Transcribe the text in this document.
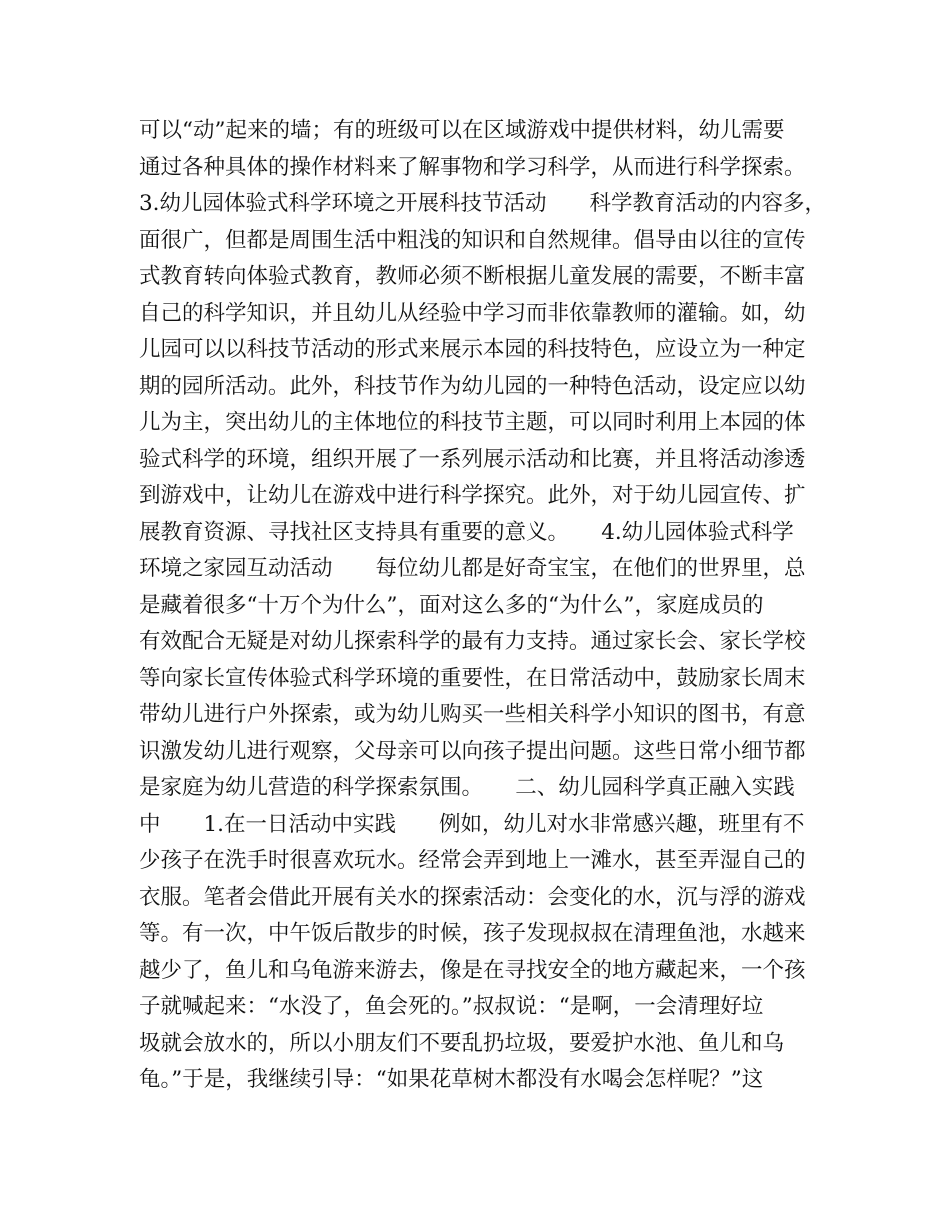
可以“动”起来的墙；有的班级可以在区域游戏中提供材料，幼儿需要
通过各种具体的操作材料来了解事物和学习科学，从而进行科学探索。
3.幼儿园体验式科学环境之开展科技节活动　　科学教育活动的内容多，
面很广，但都是周围生活中粗浅的知识和自然规律。倡导由以往的宣传
式教育转向体验式教育，教师必须不断根据儿童发展的需要，不断丰富
自己的科学知识，并且幼儿从经验中学习而非依靠教师的灌输。如，幼
儿园可以以科技节活动的形式来展示本园的科技特色，应设立为一种定
期的园所活动。此外，科技节作为幼儿园的一种特色活动，设定应以幼
儿为主，突出幼儿的主体地位的科技节主题，可以同时利用上本园的体
验式科学的环境，组织开展了一系列展示活动和比赛，并且将活动渗透
到游戏中，让幼儿在游戏中进行科学探究。此外，对于幼儿园宣传、扩
展教育资源、寻找社区支持具有重要的意义。　　4.幼儿园体验式科学
环境之家园互动活动　　每位幼儿都是好奇宝宝，在他们的世界里，总
是藏着很多“十万个为什么”，面对这么多的“为什么”，家庭成员的
有效配合无疑是对幼儿探索科学的最有力支持。通过家长会、家长学校
等向家长宣传体验式科学环境的重要性，在日常活动中，鼓励家长周末
带幼儿进行户外探索，或为幼儿购买一些相关科学小知识的图书，有意
识激发幼儿进行观察，父母亲可以向孩子提出问题。这些日常小细节都
是家庭为幼儿营造的科学探索氛围。　　二、幼儿园科学真正融入实践
中　　1.在一日活动中实践　　例如，幼儿对水非常感兴趣，班里有不
少孩子在洗手时很喜欢玩水。经常会弄到地上一滩水，甚至弄湿自己的
衣服。笔者会借此开展有关水的探索活动：会变化的水，沉与浮的游戏
等。有一次，中午饭后散步的时候，孩子发现叔叔在清理鱼池，水越来
越少了，鱼儿和乌龟游来游去，像是在寻找安全的地方藏起来，一个孩
子就喊起来：“水没了，鱼会死的。”叔叔说：“是啊，一会清理好垃
圾就会放水的，所以小朋友们不要乱扔垃圾，要爱护水池、鱼儿和乌
龟。”于是，我继续引导：“如果花草树木都没有水喝会怎样呢？”这
